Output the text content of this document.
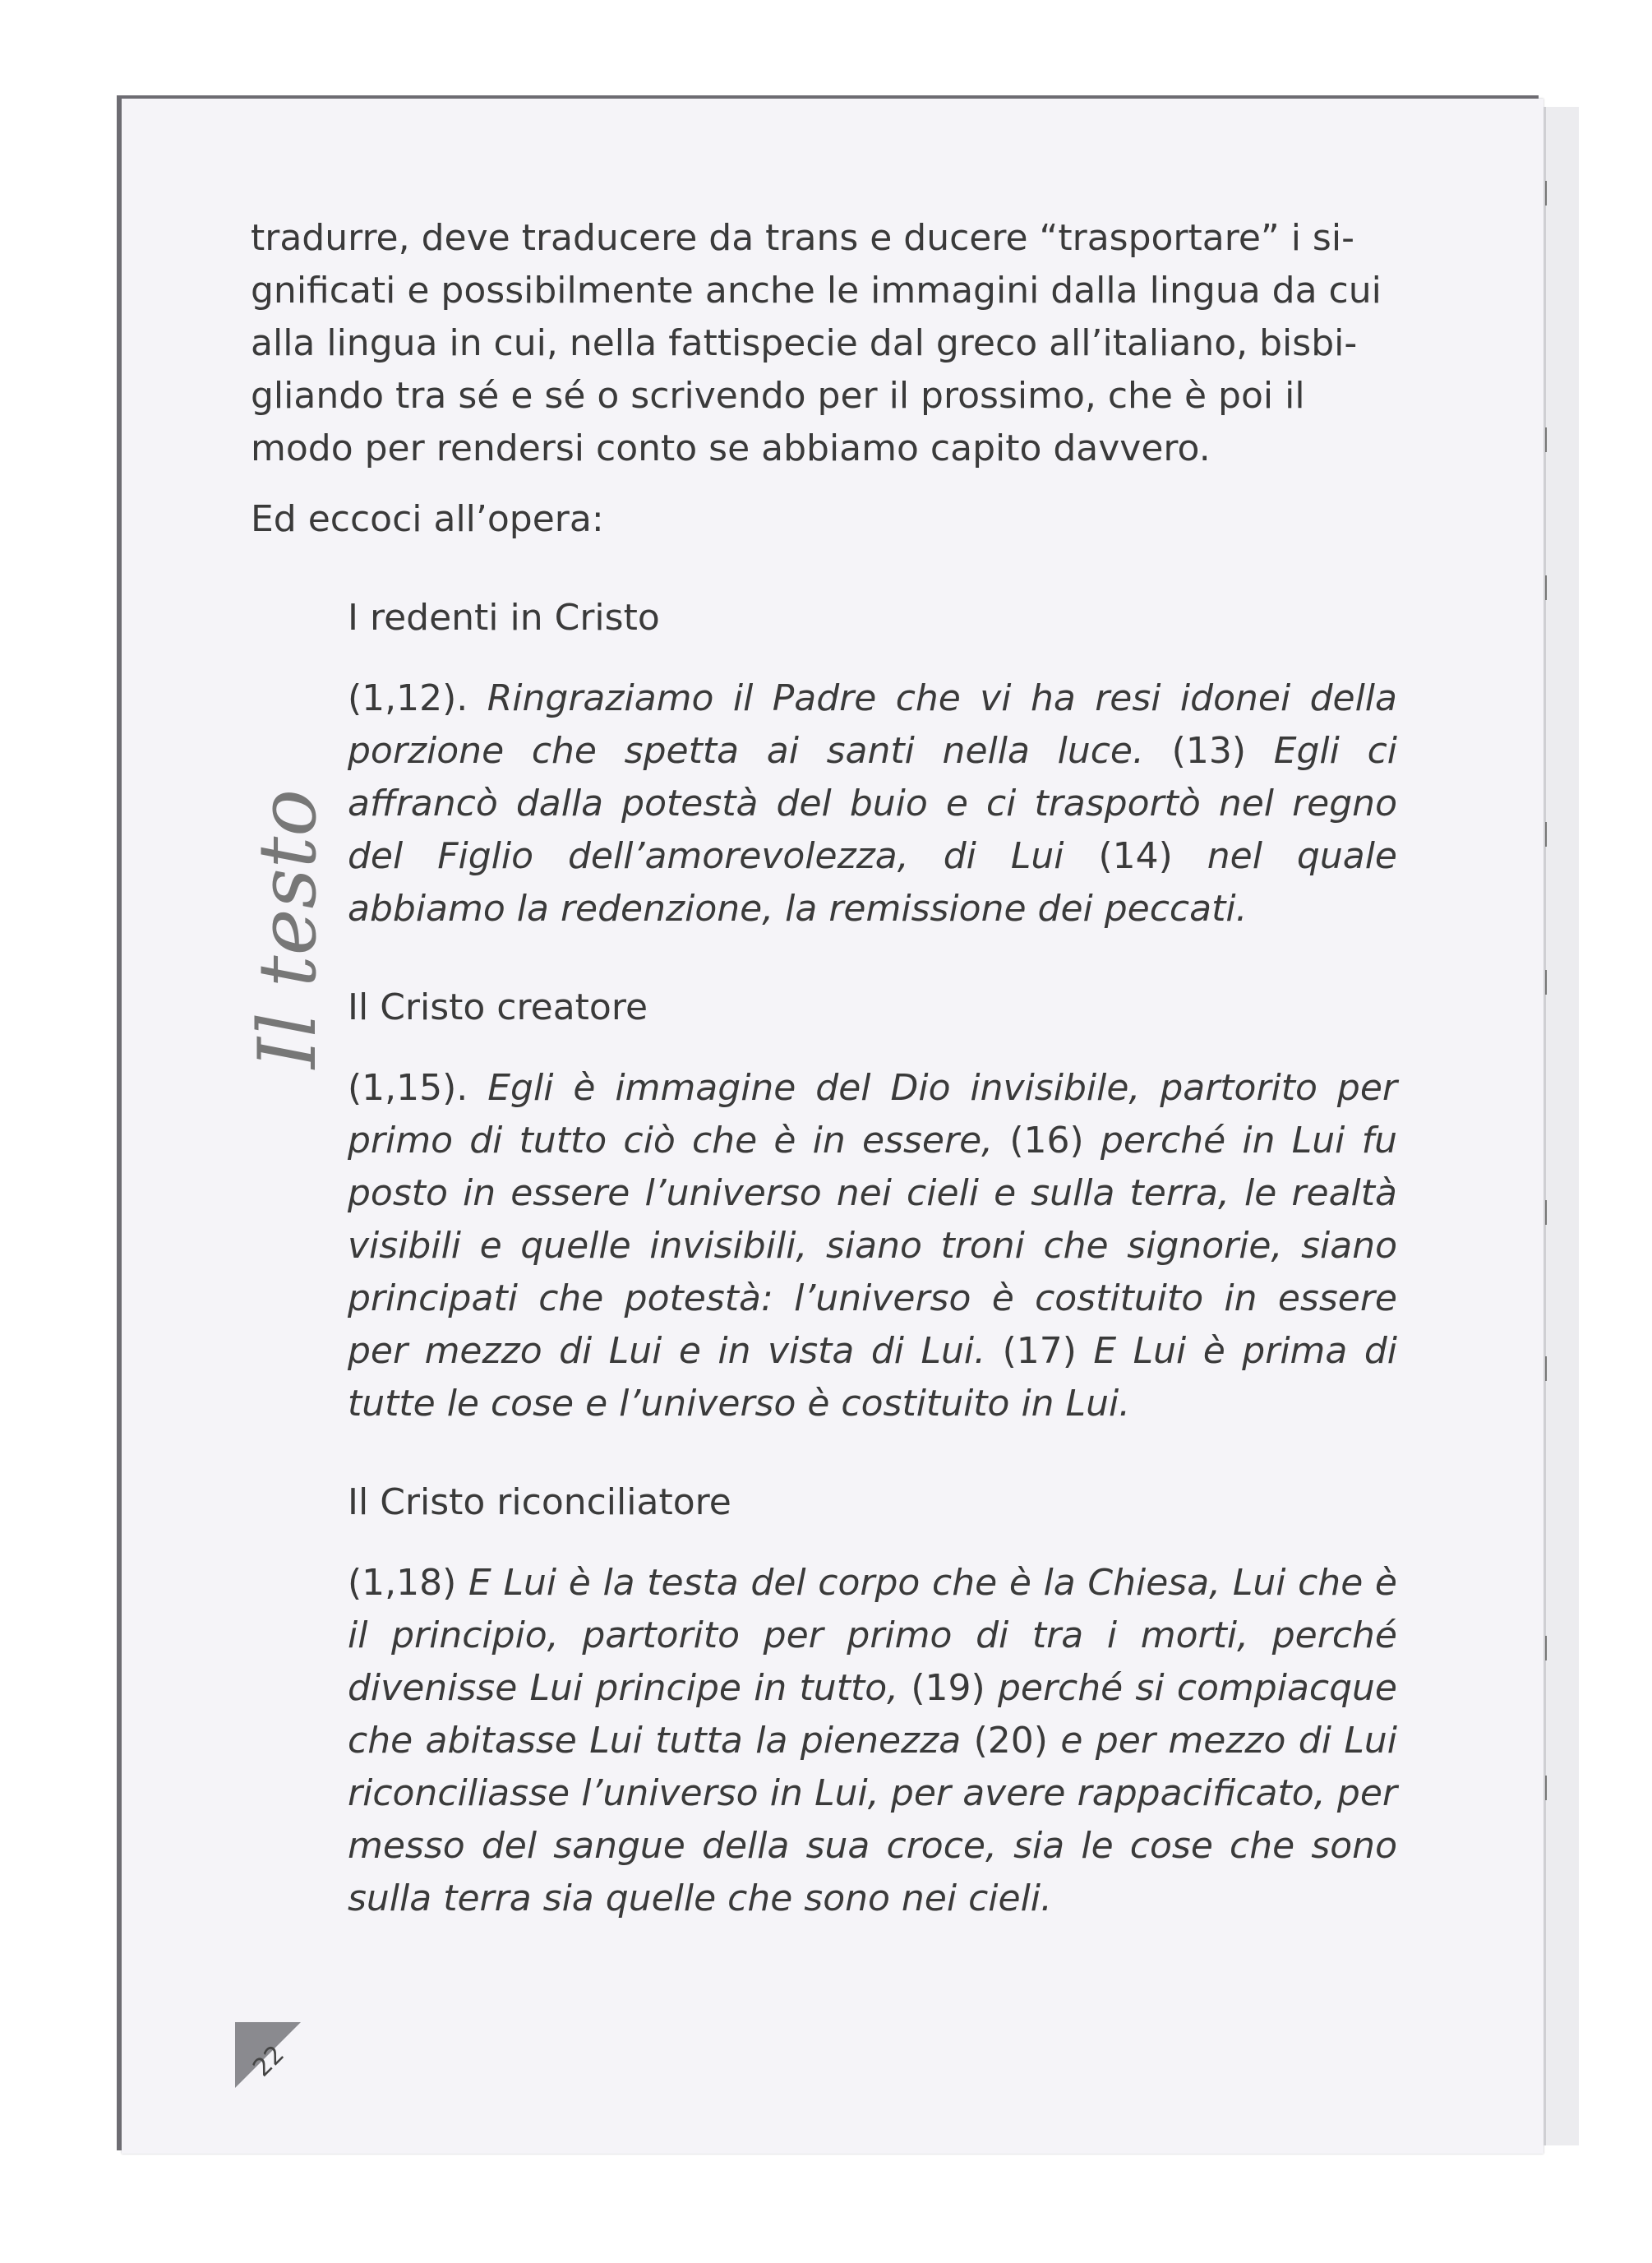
Il testo
tradurre, deve traducere da trans e ducere “trasportare” i si-
gnificati e possibilmente anche le immagini dalla lingua da cui
alla lingua in cui, nella fattispecie dal greco all’italiano, bisbi-
gliando tra sé e sé o scrivendo per il prossimo, che è poi il
modo per rendersi conto se abbiamo capito davvero.

Ed eccoci all’opera:

I redenti in Cristo

(1,12). Ringraziamo il Padre che vi ha resi idonei della porzione che spetta ai santi nella luce. (13) Egli ci affrancò dalla potestà del buio e ci trasportò nel regno del Figlio dell’amorevolezza, di Lui (14) nel quale abbiamo la redenzione, la remissione dei peccati.

Il Cristo creatore

(1,15). Egli è immagine del Dio invisibile, partorito per primo di tutto ciò che è in essere, (16) perché in Lui fu posto in essere l’universo nei cieli e sulla terra, le realtà visibili e quelle invisibili, siano troni che signorie, siano principati che potestà: l’universo è costituito in essere per mezzo di Lui e in vista di Lui. (17) E Lui è prima di tutte le cose e l’universo è costituito in Lui.

Il Cristo riconciliatore

(1,18) E Lui è la testa del corpo che è la Chiesa, Lui che è il principio, partorito per primo di tra i morti, perché divenisse Lui principe in tutto, (19) perché si compiacque che abitasse Lui tutta la pienezza (20) e per mezzo di Lui riconciliasse l’universo in Lui, per avere rappacificato, per messo del sangue della sua croce, sia le cose che sono sulla terra sia quelle che sono nei cieli.

22
